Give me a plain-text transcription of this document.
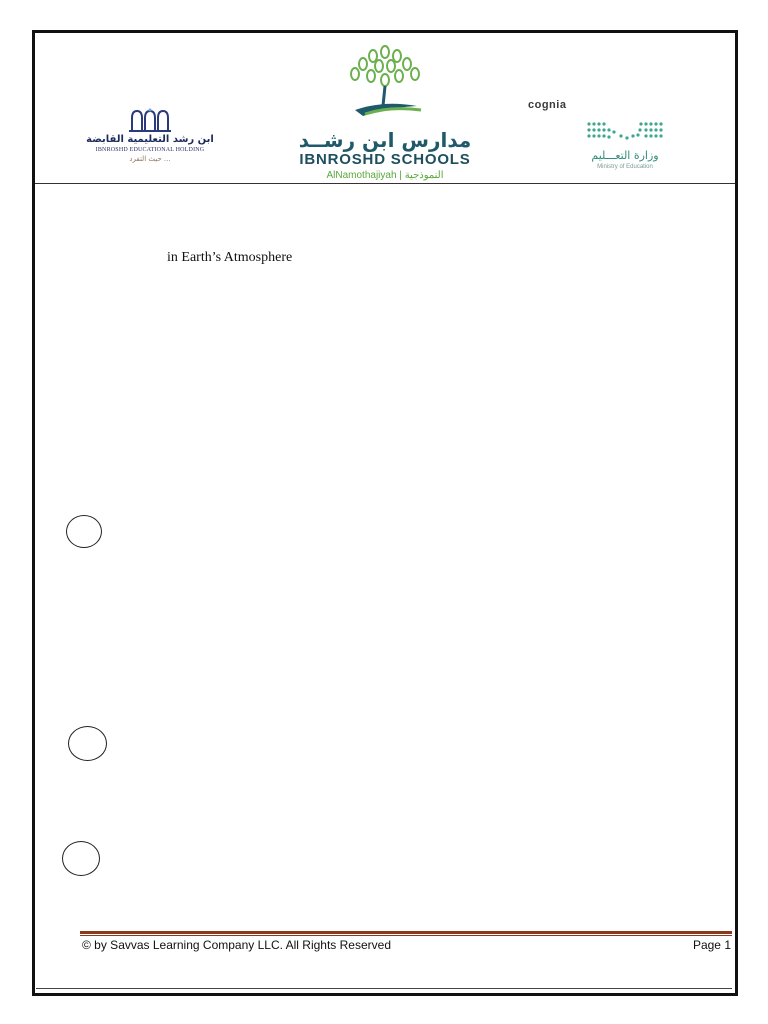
ابن رشد التعليمية القابضة
IBNROSHD EDUCATIONAL HOLDING
حيث التفرد ...
مدارس ابن رشــد
IBNROSHD SCHOOLS
AlNamothajiyah | النموذجية
cognia
وزارة التعـــليم
Ministry of Education
in Earth’s Atmosphere
© by Savvas Learning Company LLC. All Rights Reserved	Page 1
